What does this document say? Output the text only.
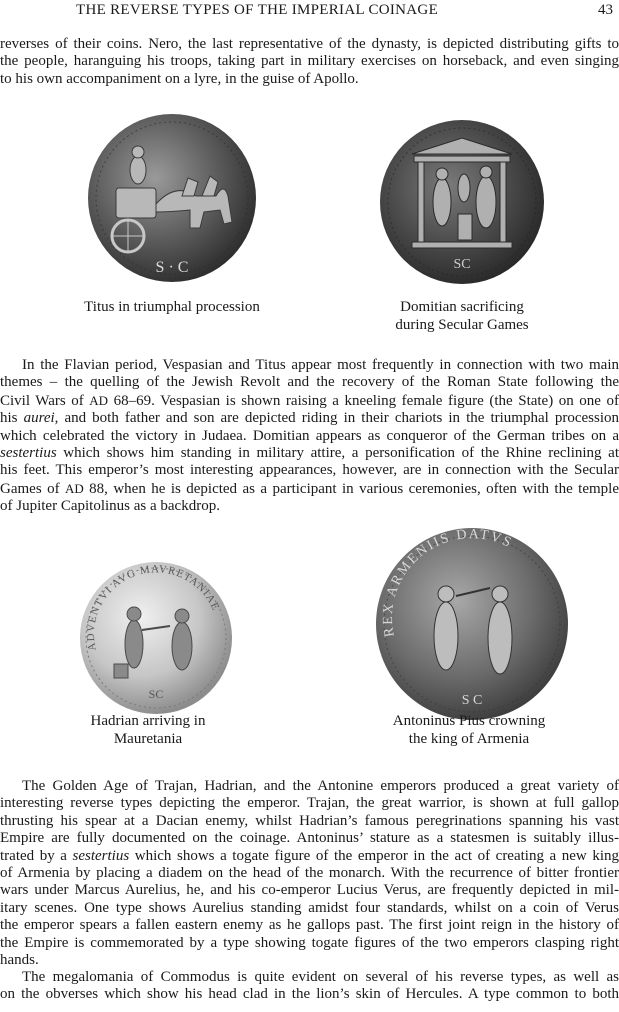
THE REVERSE TYPES OF THE IMPERIAL COINAGE	43

reverses of their coins. Nero, the last representative of the dynasty, is depicted distributing gifts to
the people, haranguing his troops, taking part in military exercises on horseback, and even singing
to his own accompaniment on a lyre, in the guise of Apollo.

S · C	SC
Titus in triumphal procession	Domitian sacrificing
during Secular Games

In the Flavian period, Vespasian and Titus appear most frequently in connection with two main
themes – the quelling of the Jewish Revolt and the recovery of the Roman State following the
Civil Wars of AD 68–69. Vespasian is shown raising a kneeling female figure (the State) on one of
his aurei, and both father and son are depicted riding in their chariots in the triumphal procession
which celebrated the victory in Judaea. Domitian appears as conqueror of the German tribes on a
sestertius which shows him standing in military attire, a personification of the Rhine reclining at
his feet. This emperor’s most interesting appearances, however, are in connection with the Secular
Games of AD 88, when he is depicted as a participant in various ceremonies, often with the temple
of Jupiter Capitolinus as a backdrop.

ADVENTVI AVG MAVRETANIAE
SC
REX ARMENIIS DATVS
S C
Hadrian arriving in
Mauretania
Antoninus Pius crowning
the king of Armenia

The Golden Age of Trajan, Hadrian, and the Antonine emperors produced a great variety of
interesting reverse types depicting the emperor. Trajan, the great warrior, is shown at full gallop
thrusting his spear at a Dacian enemy, whilst Hadrian’s famous peregrinations spanning his vast
Empire are fully documented on the coinage. Antoninus’ stature as a statesmen is suitably illus-
trated by a sestertius which shows a togate figure of the emperor in the act of creating a new king
of Armenia by placing a diadem on the head of the monarch. With the recurrence of bitter frontier
wars under Marcus Aurelius, he, and his co-emperor Lucius Verus, are frequently depicted in mil-
itary scenes. One type shows Aurelius standing amidst four standards, whilst on a coin of Verus
the emperor spears a fallen eastern enemy as he gallops past. The first joint reign in the history of
the Empire is commemorated by a type showing togate figures of the two emperors clasping right
hands.

The megalomania of Commodus is quite evident on several of his reverse types, as well as
on the obverses which show his head clad in the lion’s skin of Hercules. A type common to both
